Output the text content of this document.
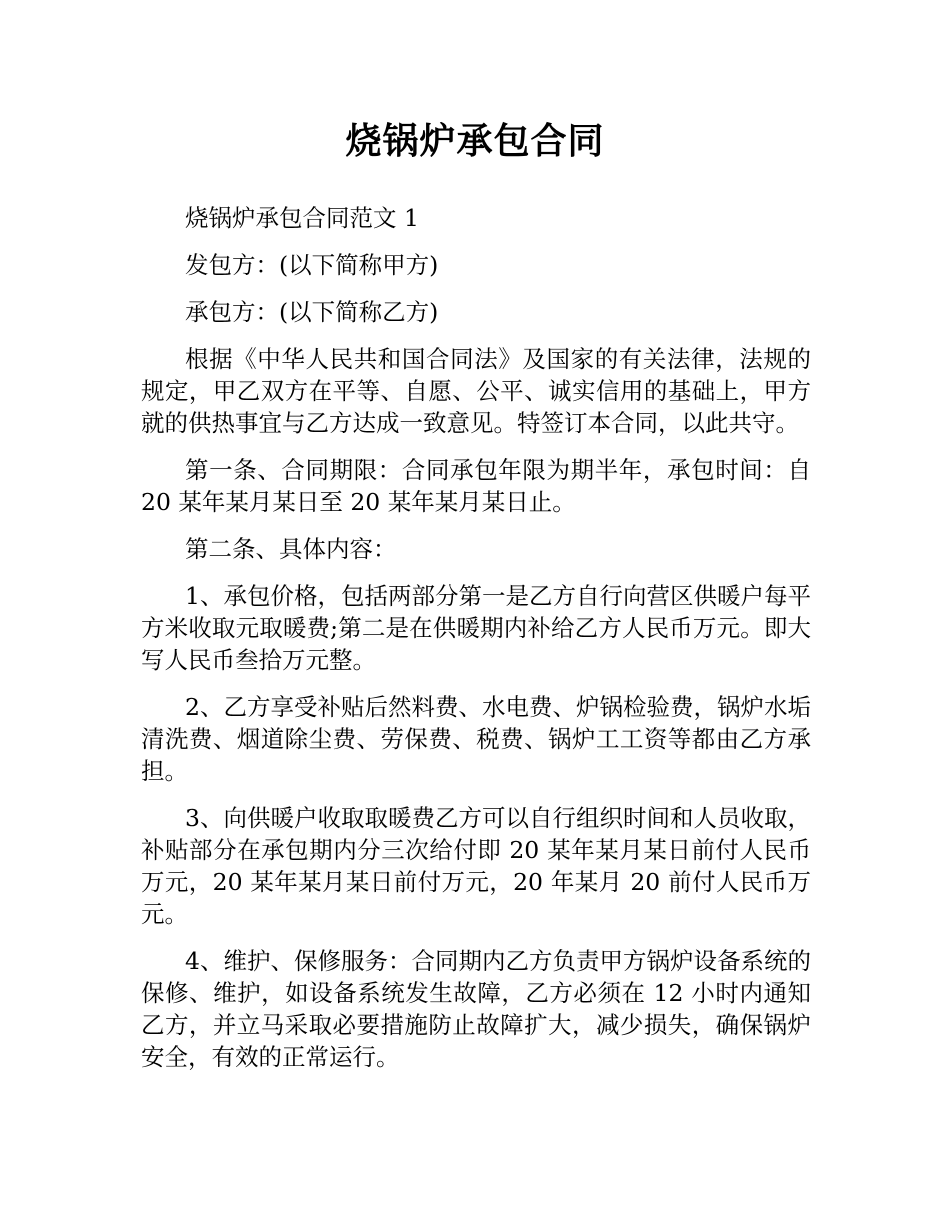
烧锅炉承包合同

烧锅炉承包合同范文 1

发包方：(以下简称甲方)

承包方：(以下简称乙方)

根据《中华人民共和国合同法》及国家的有关法律，法规的规定，甲乙双方在平等、自愿、公平、诚实信用的基础上，甲方就的供热事宜与乙方达成一致意见。特签订本合同，以此共守。

第一条、合同期限：合同承包年限为期半年，承包时间：自 20 某年某月某日至 20 某年某月某日止。

第二条、具体内容：

1、承包价格，包括两部分第一是乙方自行向营区供暖户每平方米收取元取暖费;第二是在供暖期内补给乙方人民币万元。即大写人民币叁拾万元整。

2、乙方享受补贴后然料费、水电费、炉锅检验费，锅炉水垢清洗费、烟道除尘费、劳保费、税费、锅炉工工资等都由乙方承担。

3、向供暖户收取取暖费乙方可以自行组织时间和人员收取，补贴部分在承包期内分三次给付即 20 某年某月某日前付人民币万元，20 某年某月某日前付万元，20 年某月 20 前付人民币万元。

4、维护、保修服务：合同期内乙方负责甲方锅炉设备系统的保修、维护，如设备系统发生故障，乙方必须在 12 小时内通知乙方，并立马采取必要措施防止故障扩大，减少损失，确保锅炉安全，有效的正常运行。
